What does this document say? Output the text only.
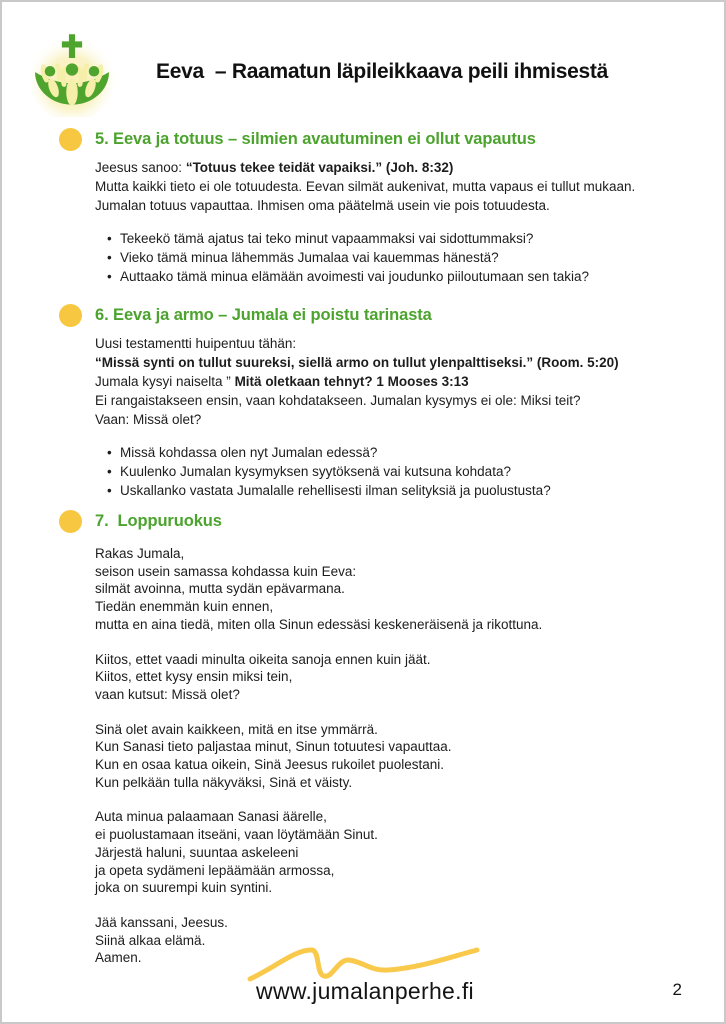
Eeva  – Raamatun läpileikkaava peili ihmisestä
5. Eeva ja totuus – silmien avautuminen ei ollut vapautus
Jeesus sanoo: “Totuus tekee teidät vapaiksi.” (Joh. 8:32)
Mutta kaikki tieto ei ole totuudesta. Eevan silmät aukenivat, mutta vapaus ei tullut mukaan.
Jumalan totuus vapauttaa. Ihmisen oma päätelmä usein vie pois totuudesta.
• Tekeekö tämä ajatus tai teko minut vapaammaksi vai sidottummaksi?
• Vieko tämä minua lähemmäs Jumalaa vai kauemmas hänestä?
• Auttaako tämä minua elämään avoimesti vai joudunko piiloutumaan sen takia?
6. Eeva ja armo – Jumala ei poistu tarinasta
Uusi testamentti huipentuu tähän:
“Missä synti on tullut suureksi, siellä armo on tullut ylenpalttiseksi.” (Room. 5:20)
Jumala kysyi naiselta ” Mitä oletkaan tehnyt? 1 Mooses 3:13
Ei rangaistakseen ensin, vaan kohdatakseen. Jumalan kysymys ei ole: Miksi teit?
Vaan: Missä olet?
• Missä kohdassa olen nyt Jumalan edessä?
• Kuulenko Jumalan kysymyksen syytöksenä vai kutsuna kohdata?
• Uskallanko vastata Jumalalle rehellisesti ilman selityksiä ja puolustusta?
7.  Loppuruokus
Rakas Jumala,
seison usein samassa kohdassa kuin Eeva:
silmät avoinna, mutta sydän epävarmana.
Tiedän enemmän kuin ennen,
mutta en aina tiedä, miten olla Sinun edessäsi keskeneräisenä ja rikottuna.
Kiitos, ettet vaadi minulta oikeita sanoja ennen kuin jäät.
Kiitos, ettet kysy ensin miksi tein,
vaan kutsut: Missä olet?
Sinä olet avain kaikkeen, mitä en itse ymmärrä.
Kun Sanasi tieto paljastaa minut, Sinun totuutesi vapauttaa.
Kun en osaa katua oikein, Sinä Jeesus rukoilet puolestani.
Kun pelkään tulla näkyväksi, Sinä et väisty.
Auta minua palaamaan Sanasi äärelle,
ei puolustamaan itseäni, vaan löytämään Sinut.
Järjestä haluni, suuntaa askeleeni
ja opeta sydämeni lepäämään armossa,
joka on suurempi kuin syntini.
Jää kanssani, Jeesus.
Siinä alkaa elämä.
Aamen.
www.jumalanperhe.fi	2
